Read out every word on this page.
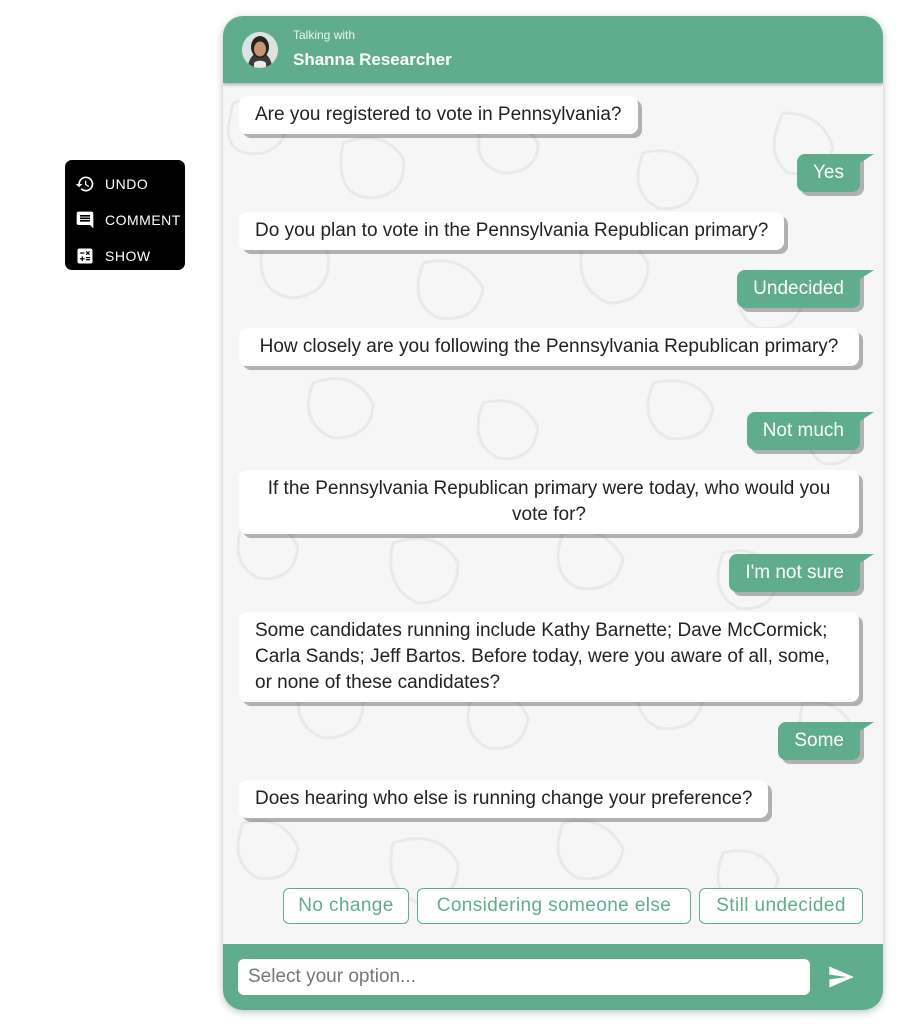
UNDO
COMMENT
SHOW
Talking with
Shanna Researcher
Are you registered to vote in Pennsylvania?
Yes
Do you plan to vote in the Pennsylvania Republican primary?
Undecided
How closely are you following the Pennsylvania Republican primary?
Not much
If the Pennsylvania Republican primary were today, who would you vote for?
I'm not sure
Some candidates running include Kathy Barnette; Dave McCormick; Carla Sands; Jeff Bartos. Before today, were you aware of all, some, or none of these candidates?
Some
Does hearing who else is running change your preference?
No change	Considering someone else	Still undecided
Select your option...
